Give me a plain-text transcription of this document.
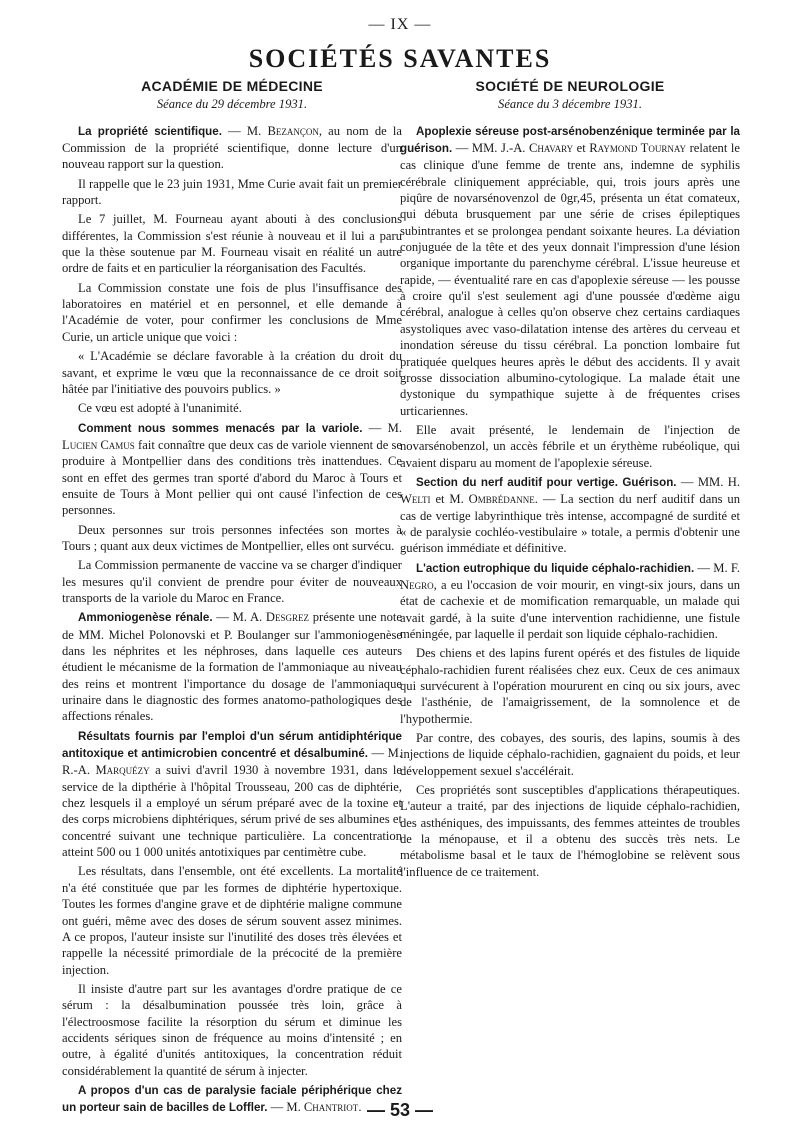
— IX —
SOCIÉTÉS SAVANTES
ACADÉMIE DE MÉDECINE
Séance du 29 décembre 1931.

La propriété scientifique. — M. Bezançon, au nom de la Commission de la propriété scientifique, donne lecture d'un nouveau rapport sur la question.

Il rappelle que le 23 juin 1931, Mme Curie avait fait un premier rapport.

Le 7 juillet, M. Fourneau ayant abouti à des conclusions différentes, la Commission s'est réunie à nouveau et il lui a paru que la thèse soutenue par M. Fourneau visait en réalité un autre ordre de faits et en particulier la réorganisation des Facultés.

La Commission constate une fois de plus l'insuffisance des laboratoires en matériel et en personnel, et elle demande à l'Académie de voter, pour confirmer les conclusions de Mme Curie, un article unique que voici :

« L'Académie se déclare favorable à la création du droit du savant, et exprime le vœu que la reconnaissance de ce droit soit hâtée par l'initiative des pouvoirs publics. »

Ce vœu est adopté à l'unanimité.

Comment nous sommes menacés par la variole. — M. Lucien Camus fait connaître que deux cas de variole viennent de se produire à Montpellier dans des conditions très inattendues. Ce sont en effet des germes tran sporté d'abord du Maroc à Tours et ensuite de Tours à Mont pellier qui ont causé l'infection de ces personnes.

Deux personnes sur trois personnes infectées son mortes à Tours ; quant aux deux victimes de Montpellier, elles ont survécu.

La Commission permanente de vaccine va se charger d'indiquer les mesures qu'il convient de prendre pour éviter de nouveaux transports de la variole du Maroc en France.

Ammoniogenèse rénale. — M. A. Desgrez présente une note de MM. Michel Polonovski et P. Boulanger sur l'ammoniogenèse dans les néphrites et les néphroses, dans laquelle ces auteurs étudient le mécanisme de la formation de l'ammoniaque au niveau des reins et montrent l'importance du dosage de l'ammoniaque urinaire dans le diagnostic des formes anatomo-pathologiques des affections rénales.

Résultats fournis par l'emploi d'un sérum antidiphtérique antitoxique et antimicrobien concentré et désalbuminé. — M. R.-A. Marquézy a suivi d'avril 1930 à novembre 1931, dans le service de la dipthérie à l'hôpital Trousseau, 200 cas de diphtérie, chez lesquels il a employé un sérum préparé avec de la toxine et des corps microbiens diphtériques, sérum privé de ses albumines et concentré suivant une technique particulière. La concentration atteint 500 ou 1 000 unités antotixiques par centimètre cube.

Les résultats, dans l'ensemble, ont été excellents. La mortalité n'a été constituée que par les formes de diphtérie hypertoxique. Toutes les formes d'angine grave et de diphtérie maligne commune ont guéri, même avec des doses de sérum souvent assez minimes. A ce propos, l'auteur insiste sur l'inutilité des doses très élevées et rappelle la nécessité primordiale de la précocité de la première injection.

Il insiste d'autre part sur les avantages d'ordre pratique de ce sérum : la désalbumination poussée très loin, grâce à l'électroosmose facilite la résorption du sérum et diminue les accidents sériques sinon de fréquence au moins d'intensité ; en outre, à égalité d'unités antitoxiques, la concentration réduit considérablement la quantité de sérum à injecter.

A propos d'un cas de paralysie faciale périphérique chez un porteur sain de bacilles de Loffler. — M. Chantriot.

SOCIÉTÉ DE NEUROLOGIE
Séance du 3 décembre 1931.

Apoplexie séreuse post-arsénobenzénique terminée par la guérison. — MM. J.-A. Chavary et Raymond Tournay relatent le cas clinique d'une femme de trente ans, indemne de syphilis cérébrale cliniquement appréciable, qui, trois jours après une piqûre de novarsénovenzol de 0gr,45, présenta un état comateux, qui débuta brusquement par une série de crises épileptiques subintrantes et se prolongea pendant soixante heures. La déviation conjuguée de la tête et des yeux donnait l'impression d'une lésion organique importante du parenchyme cérébral. L'issue heureuse et rapide, — éventualité rare en cas d'apoplexie séreuse — les pousse à croire qu'il s'est seulement agi d'une poussée d'œdème aigu cérébral, analogue à celles qu'on observe chez certains cardiaques asystoliques avec vaso-dilatation intense des artères du cerveau et inondation séreuse du tissu cérébral. La ponction lombaire fut pratiquée quelques heures après le début des accidents. Il y avait grosse dissociation albumino-cytologique. La malade était une dystonique du sympathique sujette à de fréquentes crises urticariennes.

Elle avait présenté, le lendemain de l'injection de novarsénobenzol, un accès fébrile et un érythème rubéolique, qui avaient disparu au moment de l'apoplexie séreuse.

Section du nerf auditif pour vertige. Guérison. — MM. H. Welti et M. Ombrédanne. — La section du nerf auditif dans un cas de vertige labyrinthique très intense, accompagné de surdité et « de paralysie cochléo-vestibulaire » totale, a permis d'obtenir une guérison immédiate et définitive.

L'action eutrophique du liquide céphalo-rachidien. — M. F. Negro, a eu l'occasion de voir mourir, en vingt-six jours, dans un état de cachexie et de momification remarquable, un malade qui avait gardé, à la suite d'une intervention rachidienne, une fistule méningée, par laquelle il perdait son liquide céphalo-rachidien.

Des chiens et des lapins furent opérés et des fistules de liquide céphalo-rachidien furent réalisées chez eux. Ceux de ces animaux qui survécurent à l'opération moururent en cinq ou six jours, avec de l'asthénie, de l'amaigrissement, de la somnolence et de l'hypothermie.

Par contre, des cobayes, des souris, des lapins, soumis à des injections de liquide céphalo-rachidien, gagnaient du poids, et leur développement sexuel s'accélérait.

Ces propriétés sont susceptibles d'applications thérapeutiques. L'auteur a traité, par des injections de liquide céphalo-rachidien, des asthéniques, des impuissants, des femmes atteintes de troubles de la ménopause, et il a obtenu des succès très nets. Le métabolisme basal et le taux de l'hémoglobine se relèvent sous l'influence de ce traitement.

— 53 —
